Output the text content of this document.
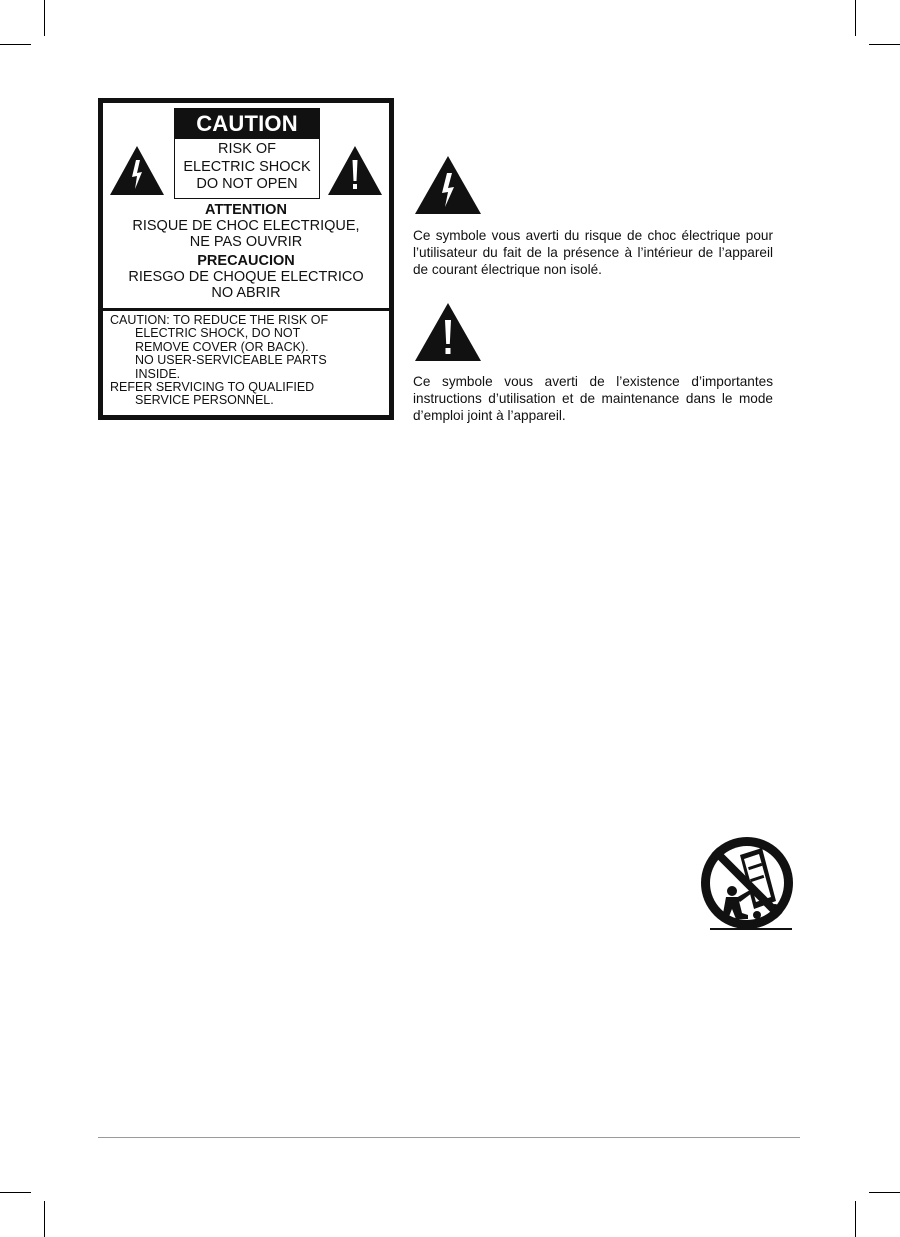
CAUTION
RISK OF
ELECTRIC SHOCK
DO NOT OPEN
ATTENTION
RISQUE DE CHOC ELECTRIQUE,
NE PAS OUVRIR
PRECAUCION
RIESGO DE CHOQUE ELECTRICO
NO ABRIR
CAUTION: TO REDUCE THE RISK OF
ELECTRIC SHOCK, DO NOT
REMOVE COVER (OR BACK).
NO USER-SERVICEABLE PARTS
INSIDE.
REFER SERVICING TO QUALIFIED
SERVICE PERSONNEL.
Ce symbole vous averti du risque de choc électrique pour l’utilisateur du fait de la présence à l’intérieur de l’appareil de courant électrique non isolé.
Ce symbole vous averti de l’existence d’importantes instructions d’utilisation et de maintenance dans le mode d’emploi joint à l’appareil.
